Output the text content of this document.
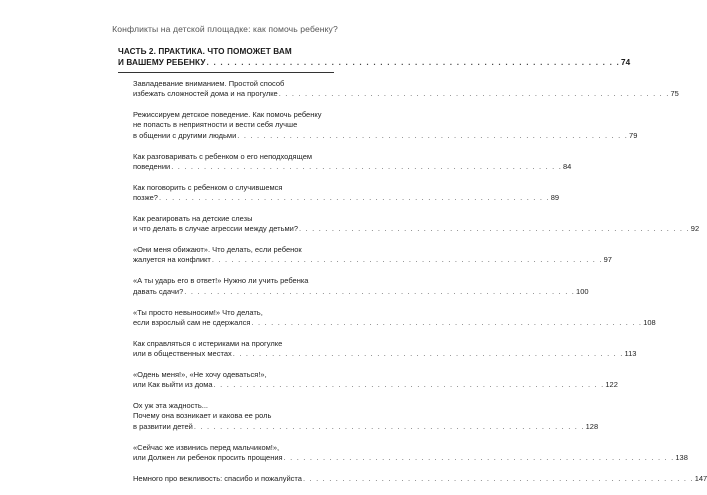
Конфликты на детской площадке: как помочь ребенку?
ЧАСТЬ 2. ПРАКТИКА. ЧТО ПОМОЖЕТ ВАМ
И ВАШЕМУ РЕБЕНКУ . . .	74
Завладевание вниманием. Простой способ
избежать сложностей дома и на прогулке . . .	75
Режиссируем детское поведение. Как помочь ребенку
не попасть в неприятности и вести себя лучше
в общении с другими людьми . . .	79
Как разговаривать с ребенком о его неподходящем
поведении . . .	84
Как поговорить с ребенком о случившемся
позже? . . .	89
Как реагировать на детские слезы
и что делать в случае агрессии между детьми? . . .	92
«Они меня обижают». Что делать, если ребенок
жалуется на конфликт . . .	97
«А ты ударь его в ответ!» Нужно ли учить ребенка
давать сдачи? . . .	100
«Ты просто невыносим!» Что делать,
если взрослый сам не сдержался . . .	108
Как справляться с истериками на прогулке
или в общественных местах . . .	113
«Одень меня!», «Не хочу одеваться!»,
или Как выйти из дома . . .	122
Ох уж эта жадность...
Почему она возникает и какова ее роль
в развитии детей . . .	128
«Сейчас же извинись перед мальчиком!»,
или Должен ли ребенок просить прощения . . .	138
Немного про вежливость: спасибо и пожалуйста . . .	147
